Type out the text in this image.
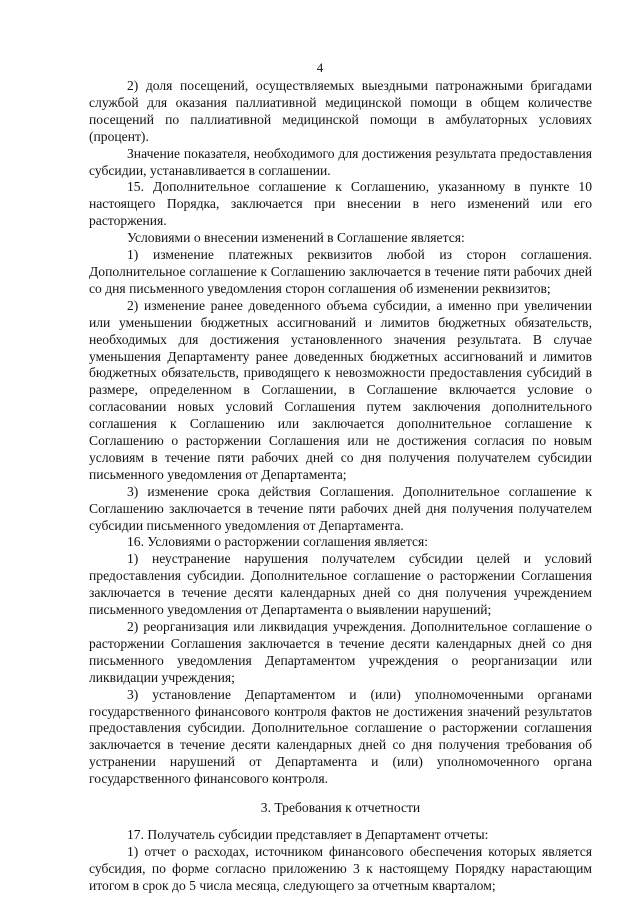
4

2) доля посещений, осуществляемых выездными патронажными бригадами службой для оказания паллиативной медицинской помощи в общем количестве посещений по паллиативной медицинской помощи в амбулаторных условиях (процент).

Значение показателя, необходимого для достижения результата предоставления субсидии, устанавливается в соглашении.

15. Дополнительное соглашение к Соглашению, указанному в пункте 10 настоящего Порядка, заключается при внесении в него изменений или его расторжения.

Условиями о внесении изменений в Соглашение является:

1) изменение платежных реквизитов любой из сторон соглашения. Дополнительное соглашение к Соглашению заключается в течение пяти рабочих дней со дня письменного уведомления сторон соглашения об изменении реквизитов;

2) изменение ранее доведенного объема субсидии, а именно при увеличении или уменьшении бюджетных ассигнований и лимитов бюджетных обязательств, необходимых для достижения установленного значения результата. В случае уменьшения Департаменту ранее доведенных бюджетных ассигнований и лимитов бюджетных обязательств, приводящего к невозможности предоставления субсидий в размере, определенном в Соглашении, в Соглашение включается условие о согласовании новых условий Соглашения путем заключения дополнительного соглашения к Соглашению или заключается дополнительное соглашение к Соглашению о расторжении Соглашения или не достижения согласия по новым условиям в течение пяти рабочих дней со дня получения получателем субсидии письменного уведомления от Департамента;

3) изменение срока действия Соглашения. Дополнительное соглашение к Соглашению заключается в течение пяти рабочих дней дня получения получателем субсидии письменного уведомления от Департамента.

16. Условиями о расторжении соглашения является:

1) неустранение нарушения получателем субсидии целей и условий предоставления субсидии. Дополнительное соглашение о расторжении Соглашения заключается в течение десяти календарных дней со дня получения учреждением письменного уведомления от Департамента о выявлении нарушений;

2) реорганизация или ликвидация учреждения. Дополнительное соглашение о расторжении Соглашения заключается в течение десяти календарных дней со дня письменного уведомления Департаментом учреждения о реорганизации или ликвидации учреждения;

3) установление Департаментом и (или) уполномоченными органами государственного финансового контроля фактов не достижения значений результатов предоставления субсидии. Дополнительное соглашение о расторжении соглашения заключается в течение десяти календарных дней со дня получения требования об устранении нарушений от Департамента и (или) уполномоченного органа государственного финансового контроля.

3. Требования к отчетности

17. Получатель субсидии представляет в Департамент отчеты:

1) отчет о расходах, источником финансового обеспечения которых является субсидия, по форме согласно приложению 3 к настоящему Порядку нарастающим итогом в срок до 5 числа месяца, следующего за отчетным кварталом;
